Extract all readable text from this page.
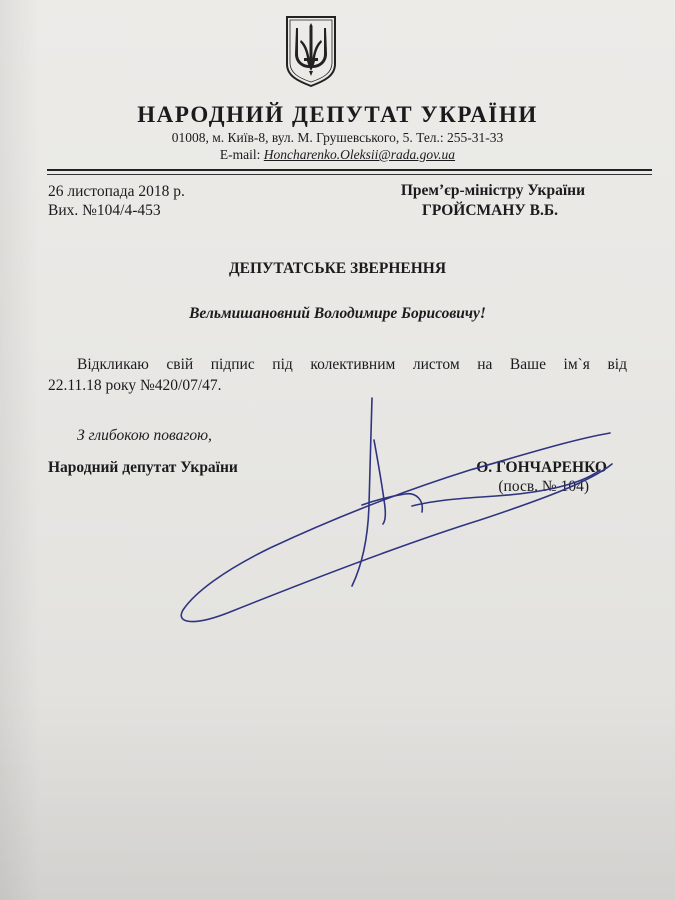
НАРОДНИЙ ДЕПУТАТ УКРАЇНИ
01008, м. Київ-8, вул. М. Грушевського, 5. Тел.: 255-31-33
E-mail: Honcharenko.Oleksii@rada.gov.ua
26 листопада 2018 р.
Вих. №104/4-453
Прем’єр-міністру України
ГРОЙСМАНУ В.Б.
ДЕПУТАТСЬКЕ ЗВЕРНЕННЯ
Вельмишановний Володимире Борисовичу!
Відкликаю свій підпис під колективним листом на Ваше ім`я від
22.11.18 року №420/07/47.
З глибокою повагою,
Народний депутат України	О. ГОНЧАРЕНКО
(посв. № 104)
